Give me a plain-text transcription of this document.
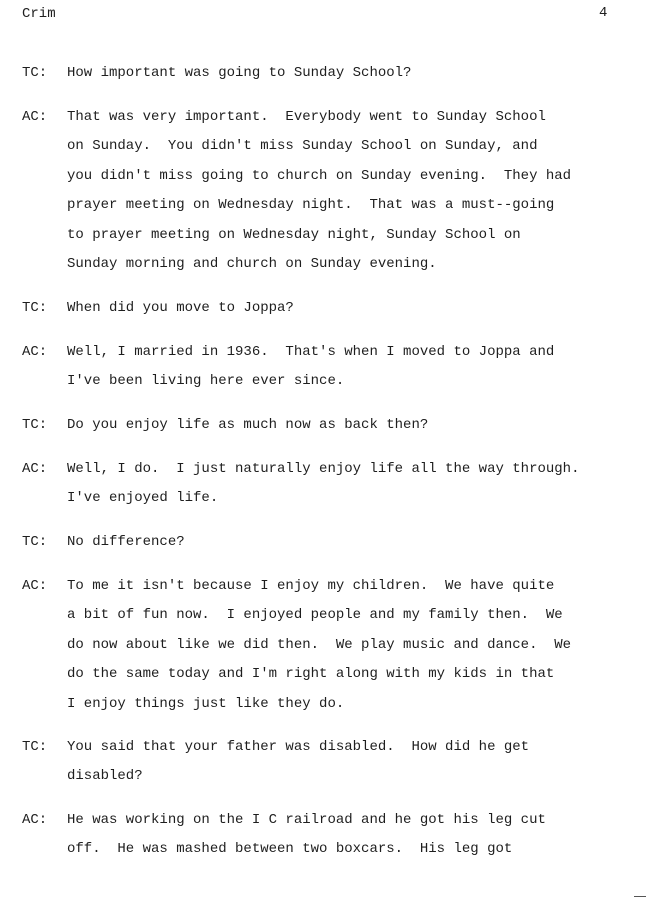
Crim	4
TC: How important was going to Sunday School?
AC: That was very important.  Everybody went to Sunday School
on Sunday.  You didn't miss Sunday School on Sunday, and
you didn't miss going to church on Sunday evening.  They had
prayer meeting on Wednesday night.  That was a must--going
to prayer meeting on Wednesday night, Sunday School on
Sunday morning and church on Sunday evening.
TC: When did you move to Joppa?
AC: Well, I married in 1936.  That's when I moved to Joppa and
I've been living here ever since.
TC: Do you enjoy life as much now as back then?
AC: Well, I do.  I just naturally enjoy life all the way through.
I've enjoyed life.
TC: No difference?
AC: To me it isn't because I enjoy my children.  We have quite
a bit of fun now.  I enjoyed people and my family then.  We
do now about like we did then.  We play music and dance.  We
do the same today and I'm right along with my kids in that
I enjoy things just like they do.
TC: You said that your father was disabled.  How did he get
disabled?
AC: He was working on the I C railroad and he got his leg cut
off.  He was mashed between two boxcars.  His leg got
